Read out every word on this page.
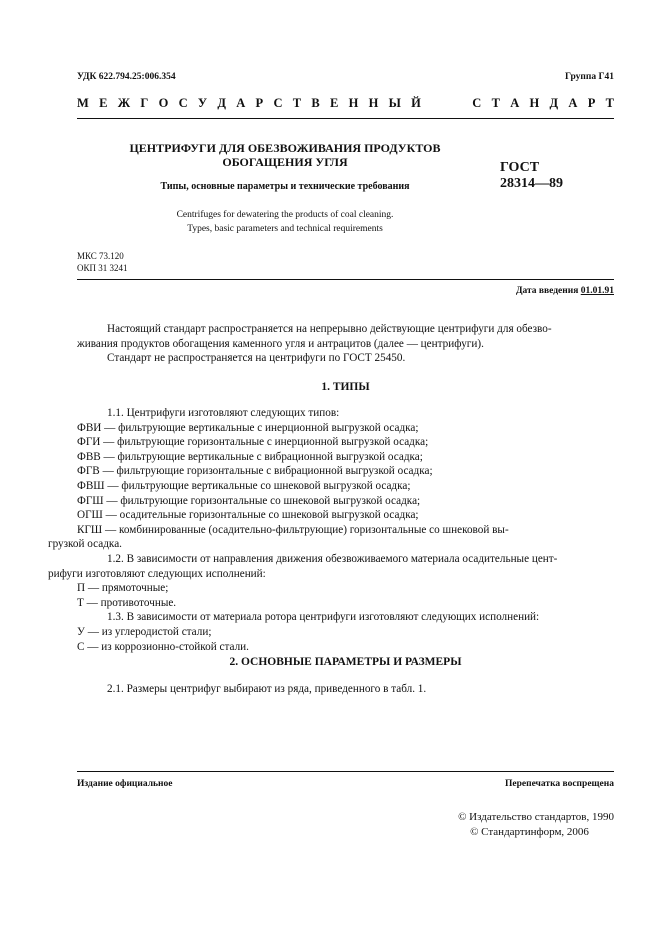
УДК 622.794.25:006.354	Группа Г41
М Е Ж Г О С У Д А Р С Т В Е Н Н Ы Й     С Т А Н Д А Р Т
ЦЕНТРИФУГИ ДЛЯ ОБЕЗВОЖИВАНИЯ ПРОДУКТОВ
ОБОГАЩЕНИЯ УГЛЯ
Типы, основные параметры и технические требования
Centrifuges for dewatering the products of coal cleaning.
Types, basic parameters and technical requirements
ГОСТ
28314—89
МКС 73.120
ОКП 31 3241
Дата введения 01.01.91
Настоящий стандарт распространяется на непрерывно действующие центрифуги для обезво-
живания продуктов обогащения каменного угля и антрацитов (далее — центрифуги).
Стандарт не распространяется на центрифуги по ГОСТ 25450.
1. ТИПЫ
1.1. Центрифуги изготовляют следующих типов:
ФВИ — фильтрующие вертикальные с инерционной выгрузкой осадка;
ФГИ — фильтрующие горизонтальные с инерционной выгрузкой осадка;
ФВВ — фильтрующие вертикальные с вибрационной выгрузкой осадка;
ФГВ — фильтрующие горизонтальные с вибрационной выгрузкой осадка;
ФВШ — фильтрующие вертикальные со шнековой выгрузкой осадка;
ФГШ — фильтрующие горизонтальные со шнековой выгрузкой осадка;
ОГШ — осадительные горизонтальные со шнековой выгрузкой осадка;
КГШ — комбинированные (осадительно-фильтрующие) горизонтальные со шнековой вы-
грузкой осадка.
1.2. В зависимости от направления движения обезвоживаемого материала осадительные цент-
рифуги изготовляют следующих исполнений:
П — прямоточные;
Т — противоточные.
1.3. В зависимости от материала ротора центрифуги изготовляют следующих исполнений:
У — из углеродистой стали;
С — из коррозионно-стойкой стали.
2. ОСНОВНЫЕ ПАРАМЕТРЫ И РАЗМЕРЫ
2.1. Размеры центрифуг выбирают из ряда, приведенного в табл. 1.
Издание официальное	Перепечатка воспрещена
© Издательство стандартов, 1990
© Стандартинформ, 2006
